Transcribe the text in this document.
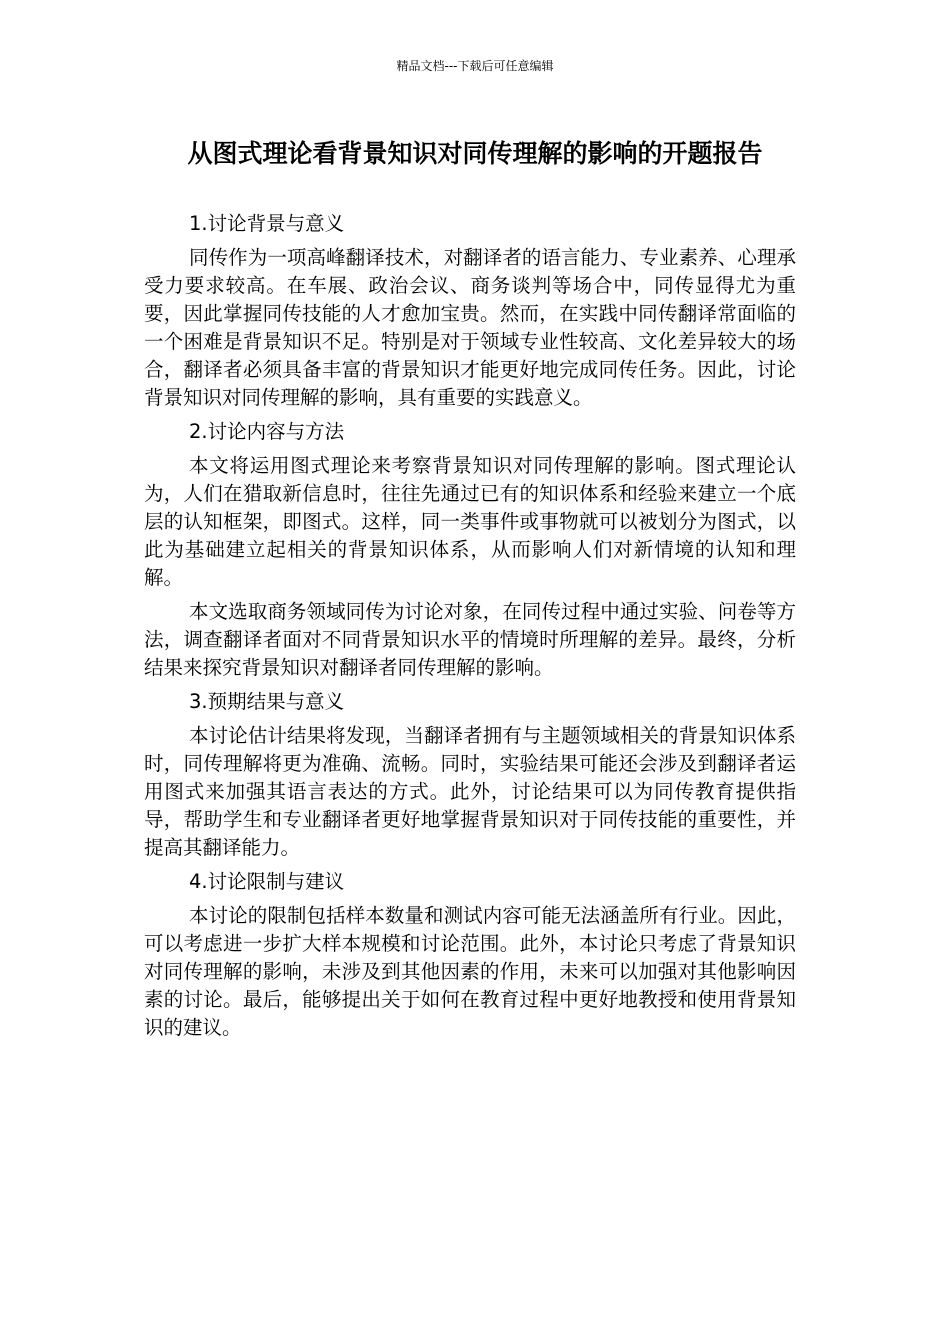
精品文档---下载后可任意编辑
从图式理论看背景知识对同传理解的影响的开题报告

1.讨论背景与意义

同传作为一项高峰翻译技术，对翻译者的语言能力、专业素养、心理承受力要求较高。在车展、政治会议、商务谈判等场合中，同传显得尤为重要，因此掌握同传技能的人才愈加宝贵。然而，在实践中同传翻译常面临的一个困难是背景知识不足。特别是对于领域专业性较高、文化差异较大的场合，翻译者必须具备丰富的背景知识才能更好地完成同传任务。因此，讨论背景知识对同传理解的影响，具有重要的实践意义。

2.讨论内容与方法

本文将运用图式理论来考察背景知识对同传理解的影响。图式理论认为，人们在猎取新信息时，往往先通过已有的知识体系和经验来建立一个底层的认知框架，即图式。这样，同一类事件或事物就可以被划分为图式，以此为基础建立起相关的背景知识体系，从而影响人们对新情境的认知和理解。

本文选取商务领域同传为讨论对象，在同传过程中通过实验、问卷等方法，调查翻译者面对不同背景知识水平的情境时所理解的差异。最终，分析结果来探究背景知识对翻译者同传理解的影响。

3.预期结果与意义

本讨论估计结果将发现，当翻译者拥有与主题领域相关的背景知识体系时，同传理解将更为准确、流畅。同时，实验结果可能还会涉及到翻译者运用图式来加强其语言表达的方式。此外，讨论结果可以为同传教育提供指导，帮助学生和专业翻译者更好地掌握背景知识对于同传技能的重要性，并提高其翻译能力。

4.讨论限制与建议

本讨论的限制包括样本数量和测试内容可能无法涵盖所有行业。因此，可以考虑进一步扩大样本规模和讨论范围。此外，本讨论只考虑了背景知识对同传理解的影响，未涉及到其他因素的作用，未来可以加强对其他影响因素的讨论。最后，能够提出关于如何在教育过程中更好地教授和使用背景知识的建议。
